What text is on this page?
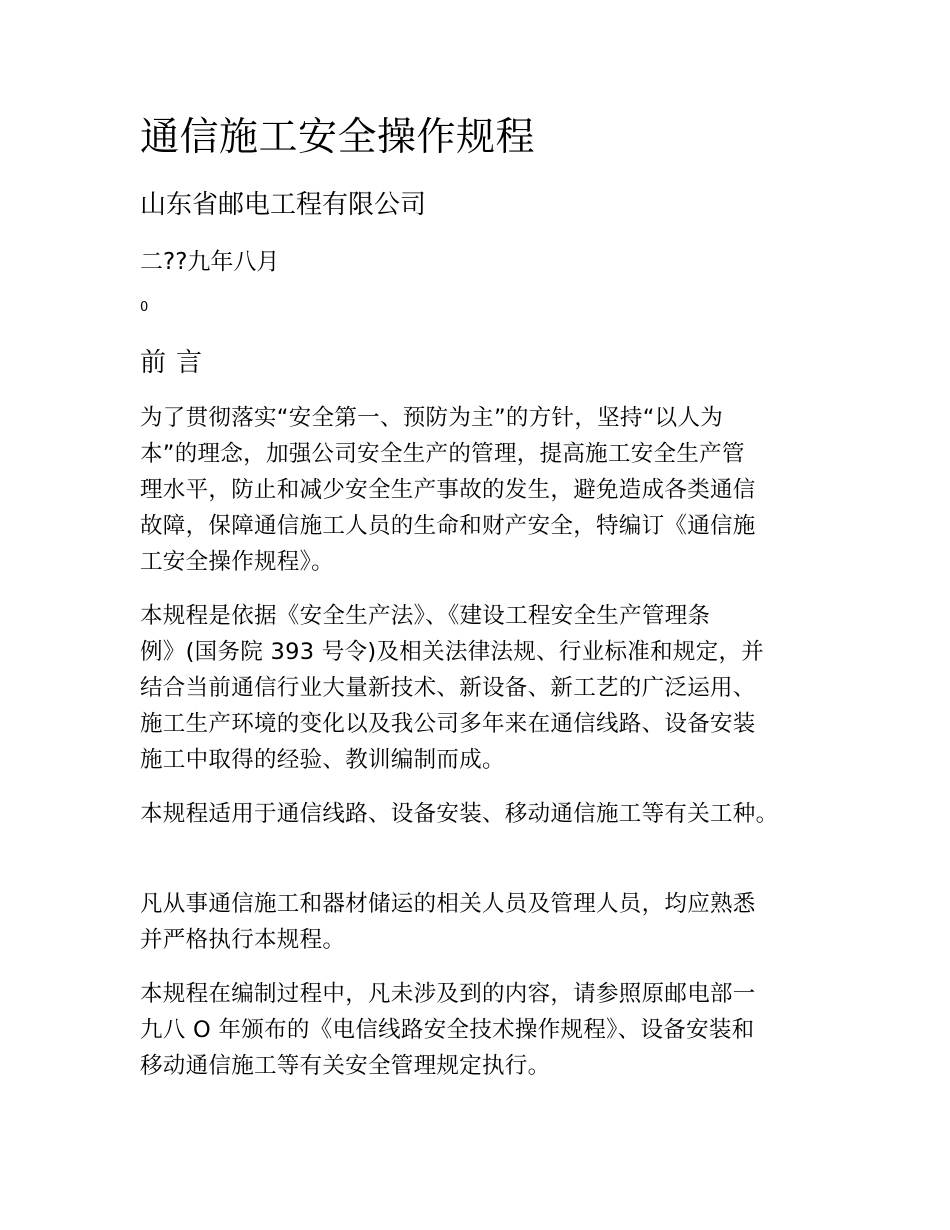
通信施工安全操作规程
山东省邮电工程有限公司
二??九年八月
0
前言
为了贯彻落实“安全第一、预防为主”的方针，坚持“以人为
本”的理念，加强公司安全生产的管理，提高施工安全生产管
理水平，防止和减少安全生产事故的发生，避免造成各类通信
故障，保障通信施工人员的生命和财产安全，特编订《通信施
工安全操作规程》。
本规程是依据《安全生产法》、《建设工程安全生产管理条
例》(国务院 393 号令)及相关法律法规、行业标准和规定，并
结合当前通信行业大量新技术、新设备、新工艺的广泛运用、
施工生产环境的变化以及我公司多年来在通信线路、设备安装
施工中取得的经验、教训编制而成。
本规程适用于通信线路、设备安装、移动通信施工等有关工种。
凡从事通信施工和器材储运的相关人员及管理人员，均应熟悉
并严格执行本规程。
本规程在编制过程中，凡未涉及到的内容，请参照原邮电部一
九八 O 年颁布的《电信线路安全技术操作规程》、设备安装和
移动通信施工等有关安全管理规定执行。
